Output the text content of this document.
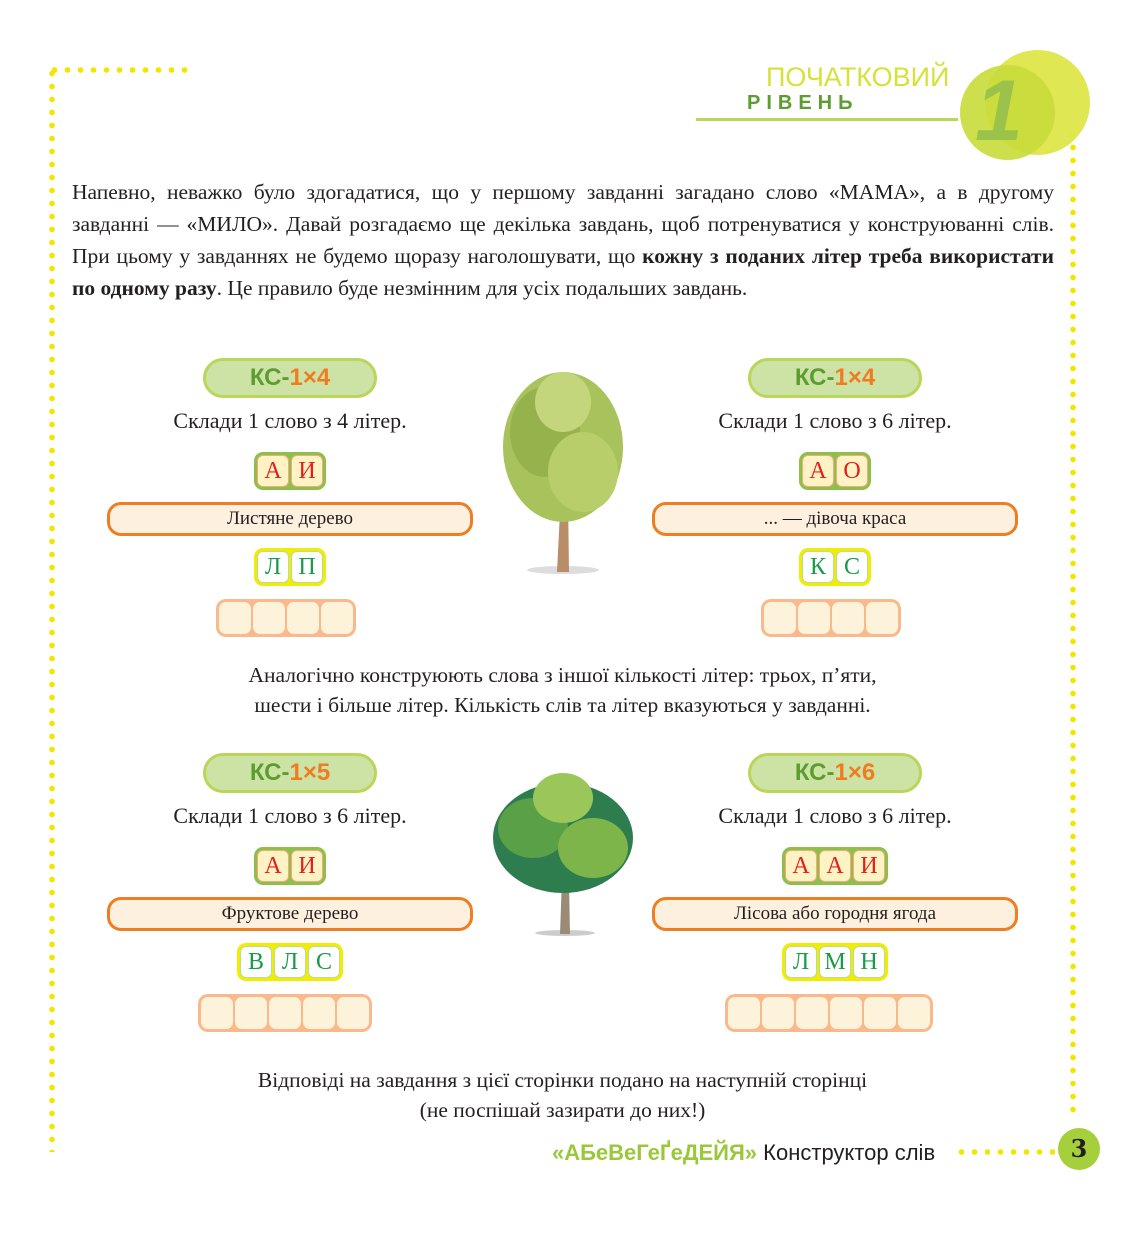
1
ПОЧАТКОВИЙ
РІВЕНЬ
Напевно, неважко було здогадатися, що у першому завданні загадано слово «МАМА», а в другому завданні — «МИЛО». Давай розгадаємо ще декілька завдань, щоб потренуватися у конструюванні слів. При цьому у завданнях не будемо щоразу наголошувати, що кожну з поданих літер треба використати по одному разу. Це правило буде незмінним для усіх подальших завдань.
КС-1×4
Склади 1 слово з 4 літер.
А И
Листяне дерево
Л П
КС-1×4
Склади 1 слово з 6 літер.
А О
... — дівоча краса
К С
КС-1×5
Склади 1 слово з 6 літер.
А И
Фруктове дерево
В Л С
КС-1×6
Склади 1 слово з 6 літер.
А А И
Лісова або городня ягода
Л М Н
Аналогічно конструюють слова з іншої кількості літер: трьох, п’яти,
шести і більше літер. Кількість слів та літер вказуються у завданні.
Відповіді на завдання з цієї сторінки подано на наступній сторінці
(не поспішай зазирати до них!)
«АБеВеГеҐеДЕЙЯ» Конструктор слів	3
